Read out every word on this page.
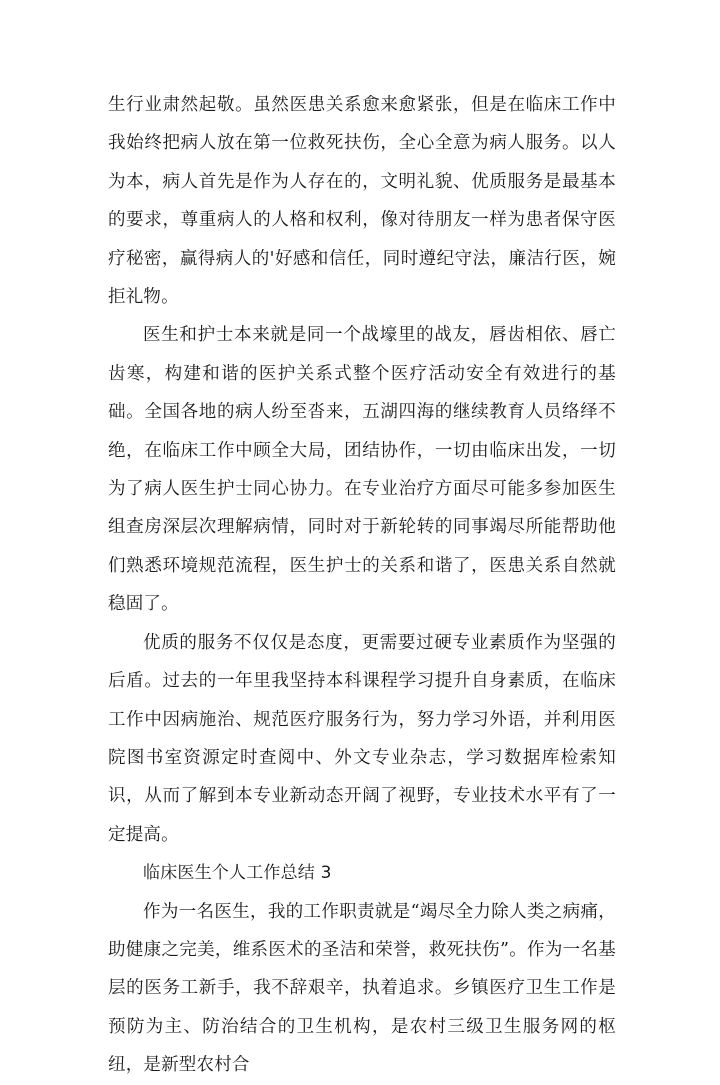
生行业肃然起敬。虽然医患关系愈来愈紧张，但是在临床工作中我始终把病人放在第一位救死扶伤，全心全意为病人服务。以人为本，病人首先是作为人存在的，文明礼貌、优质服务是最基本的要求，尊重病人的人格和权利，像对待朋友一样为患者保守医疗秘密，赢得病人的'好感和信任，同时遵纪守法，廉洁行医，婉拒礼物。

医生和护士本来就是同一个战壕里的战友，唇齿相依、唇亡齿寒，构建和谐的医护关系式整个医疗活动安全有效进行的基础。全国各地的病人纷至沓来，五湖四海的继续教育人员络绎不绝，在临床工作中顾全大局，团结协作，一切由临床出发，一切为了病人医生护士同心协力。在专业治疗方面尽可能多参加医生组查房深层次理解病情，同时对于新轮转的同事竭尽所能帮助他们熟悉环境规范流程，医生护士的关系和谐了，医患关系自然就稳固了。

优质的服务不仅仅是态度，更需要过硬专业素质作为坚强的后盾。过去的一年里我坚持本科课程学习提升自身素质，在临床工作中因病施治、规范医疗服务行为，努力学习外语，并利用医院图书室资源定时查阅中、外文专业杂志，学习数据库检索知识，从而了解到本专业新动态开阔了视野，专业技术水平有了一定提高。

临床医生个人工作总结 3

作为一名医生，我的工作职责就是“竭尽全力除人类之病痛，助健康之完美，维系医术的圣洁和荣誉，救死扶伤”。作为一名基层的医务工新手，我不辞艰辛，执着追求。乡镇医疗卫生工作是预防为主、防治结合的卫生机构，是农村三级卫生服务网的枢纽，是新型农村合
